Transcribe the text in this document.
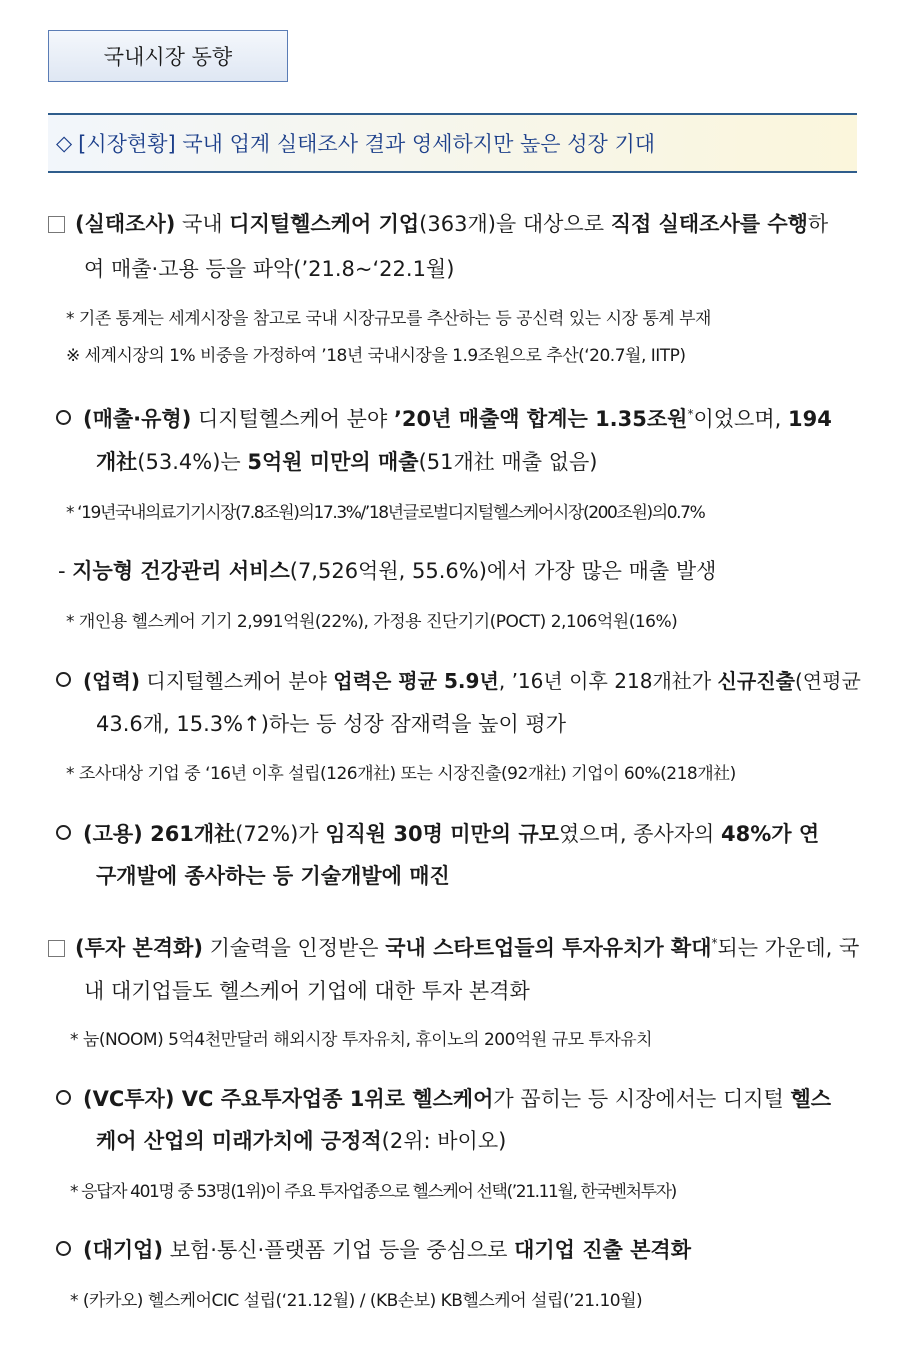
국내시장 동향
◇ [시장현황] 국내 업계 실태조사 결과 영세하지만 높은 성장 기대
(실태조사) 국내 디지털헬스케어 기업(363개)을 대상으로 직접 실태조사를 수행하
여 매출·고용 등을 파악(’21.8~‘22.1월)
* 기존 통계는 세계시장을 참고로 국내 시장규모를 추산하는 등 공신력 있는 시장 통계 부재
※ 세계시장의 1% 비중을 가정하여 ’18년 국내시장을 1.9조원으로 추산(‘20.7월, IITP)
(매출·유형) 디지털헬스케어 분야 ’20년 매출액 합계는 1.35조원*이었으며, 194
개社(53.4%)는 5억원 미만의 매출(51개社 매출 없음)
* ‘19년국내의료기기시장(7.8조원)의17.3%/’18년글로벌디지털헬스케어시장(200조원)의0.7%
- 지능형 건강관리 서비스(7,526억원, 55.6%)에서 가장 많은 매출 발생
* 개인용 헬스케어 기기 2,991억원(22%), 가정용 진단기기(POCT) 2,106억원(16%)
(업력) 디지털헬스케어 분야 업력은 평균 5.9년, ’16년 이후 218개社가 신규진출(연평균
43.6개, 15.3%↑)하는 등 성장 잠재력을 높이 평가
* 조사대상 기업 중 ‘16년 이후 설립(126개社) 또는 시장진출(92개社) 기업이 60%(218개社)
(고용) 261개社(72%)가 임직원 30명 미만의 규모였으며, 종사자의 48%가 연
구개발에 종사하는 등 기술개발에 매진
(투자 본격화) 기술력을 인정받은 국내 스타트업들의 투자유치가 확대*되는 가운데, 국
내 대기업들도 헬스케어 기업에 대한 투자 본격화
* 눔(NOOM) 5억4천만달러 해외시장 투자유치, 휴이노의 200억원 규모 투자유치
(VC투자) VC 주요투자업종 1위로 헬스케어가 꼽히는 등 시장에서는 디지털 헬스
케어 산업의 미래가치에 긍정적(2위: 바이오)
* 응답자 401명 중 53명(1위)이 주요 투자업종으로 헬스케어 선택(’21.11월, 한국벤처투자)
(대기업) 보험·통신·플랫폼 기업 등을 중심으로 대기업 진출 본격화
* (카카오) 헬스케어CIC 설립(‘21.12월) / (KB손보) KB헬스케어 설립(’21.10월)
